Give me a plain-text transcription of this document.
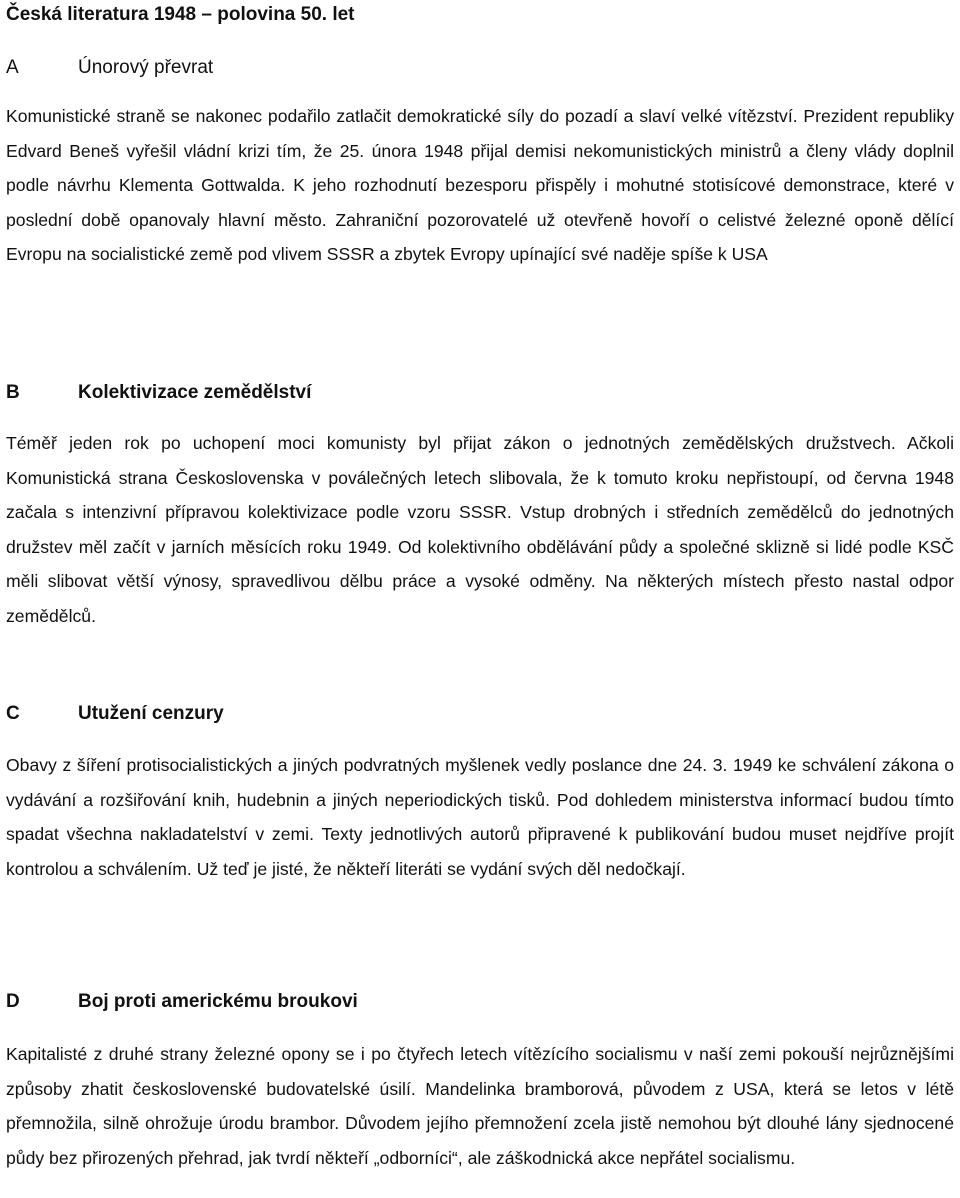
Česká literatura 1948 – polovina 50. let
A	Únorový převrat
Komunistické straně se nakonec podařilo zatlačit demokratické síly do pozadí a slaví velké vítězství. Prezident republiky Edvard Beneš vyřešil vládní krizi tím, že 25. února 1948 přijal demisi nekomunistických ministrů a členy vlády doplnil podle návrhu Klementa Gottwalda. K jeho rozhodnutí bezesporu přispěly i mohutné stotisícové demonstrace, které v poslední době opanovaly hlavní město. Zahraniční pozorovatelé už otevřeně hovoří o celistvé železné oponě dělící Evropu na socialistické země pod vlivem SSSR a zbytek Evropy upínající své naděje spíše k USA
B	Kolektivizace zemědělství
Téměř jeden rok po uchopení moci komunisty byl přijat zákon o jednotných zemědělských družstvech. Ačkoli Komunistická strana Československa v poválečných letech slibovala, že k tomuto kroku nepřistoupí, od června 1948 začala s intenzivní přípravou kolektivizace podle vzoru SSSR. Vstup drobných i středních zemědělců do jednotných družstev měl začít v jarních měsících roku 1949. Od kolektivního obdělávání půdy a společné sklizně si lidé podle KSČ měli slibovat větší výnosy, spravedlivou dělbu práce a vysoké odměny. Na některých místech přesto nastal odpor zemědělců.
C	Utužení cenzury
Obavy z šíření protisocialistických a jiných podvratných myšlenek vedly poslance dne 24. 3. 1949 ke schválení zákona o vydávání a rozšiřování knih, hudebnin a jiných neperiodických tisků. Pod dohledem ministerstva informací budou tímto spadat všechna nakladatelství v zemi. Texty jednotlivých autorů připravené k publikování budou muset nejdříve projít kontrolou a schválením. Už teď je jisté, že někteří literáti se vydání svých děl nedočkají.
D	Boj proti americkému broukovi
Kapitalisté z druhé strany železné opony se i po čtyřech letech vítězícího socialismu v naší zemi pokouší nejrůznějšími způsoby zhatit československé budovatelské úsilí. Mandelinka bramborová, původem z USA, která se letos v létě přemnožila, silně ohrožuje úrodu brambor. Důvodem jejího přemnožení zcela jistě nemohou být dlouhé lány sjednocené půdy bez přirozených přehrad, jak tvrdí někteří „odborníci“, ale záškodnická akce nepřátel socialismu.
